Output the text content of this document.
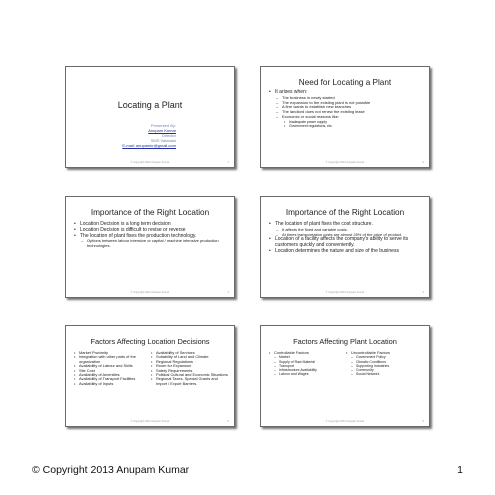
Locating a Plant
Presented By:
Anupam Kumar
Director
SMS Varanasi
E-mail: anupamkr@gmail.com
© Copyright 2013 Anupam Kumar	1
Need for Locating a Plant
• It arises when:
– The business in newly started
– The expansion to the existing plant is not possible
– A firm wants to establish new branches
– The landlord does not renew the existing lease
– Economic or social reasons like:
• Inadequate power supply
• Government regulations, etc.
© Copyright 2013 Anupam Kumar	2
Importance of the Right Location
• Location Decision is a long term decision
• Location Decision is difficult to revise or reverse
• The location of plant fixes the production technology.
– Options between labour intensive or capital / machine intensive production technologies.
© Copyright 2013 Anupam Kumar	3
Importance of the Right Location
• The location of plant fixes the cost structure.
– It affects the fixed and variable costs.
– At times transportation costs are almost 25% of the price of product.
• Location of a facility affects the company's ability to serve its customers quickly and conveniently.
• Location determines the nature and size of the business
© Copyright 2013 Anupam Kumar	4
Factors Affecting Location Decisions
• Market Proximity
• Integration with other parts of the organization
• Availability of Labour and Skills
• Site Cost
• Availability of Amenities
• Availability of Transport Facilities
• Availability of Inputs
• Availability of Services
• Suitability of Land and Climate
• Regional Regulations
• Room for Expansion
• Safety Requirements
• Political Cultural and Economic Situations
• Regional Taxes, Special Grants and Import / Export Barriers.
© Copyright 2013 Anupam Kumar	5
Factors Affecting Plant Location
• Controllable Factors
– Market
– Supply of Raw Material
– Transport
– Infrastructure Availability
– Labour and Wages
• Uncontrollable Factors
– Government Policy
– Climatic Conditions
– Supporting Industries
– Community
– Social Network
© Copyright 2013 Anupam Kumar	6
© Copyright 2013 Anupam Kumar	1
